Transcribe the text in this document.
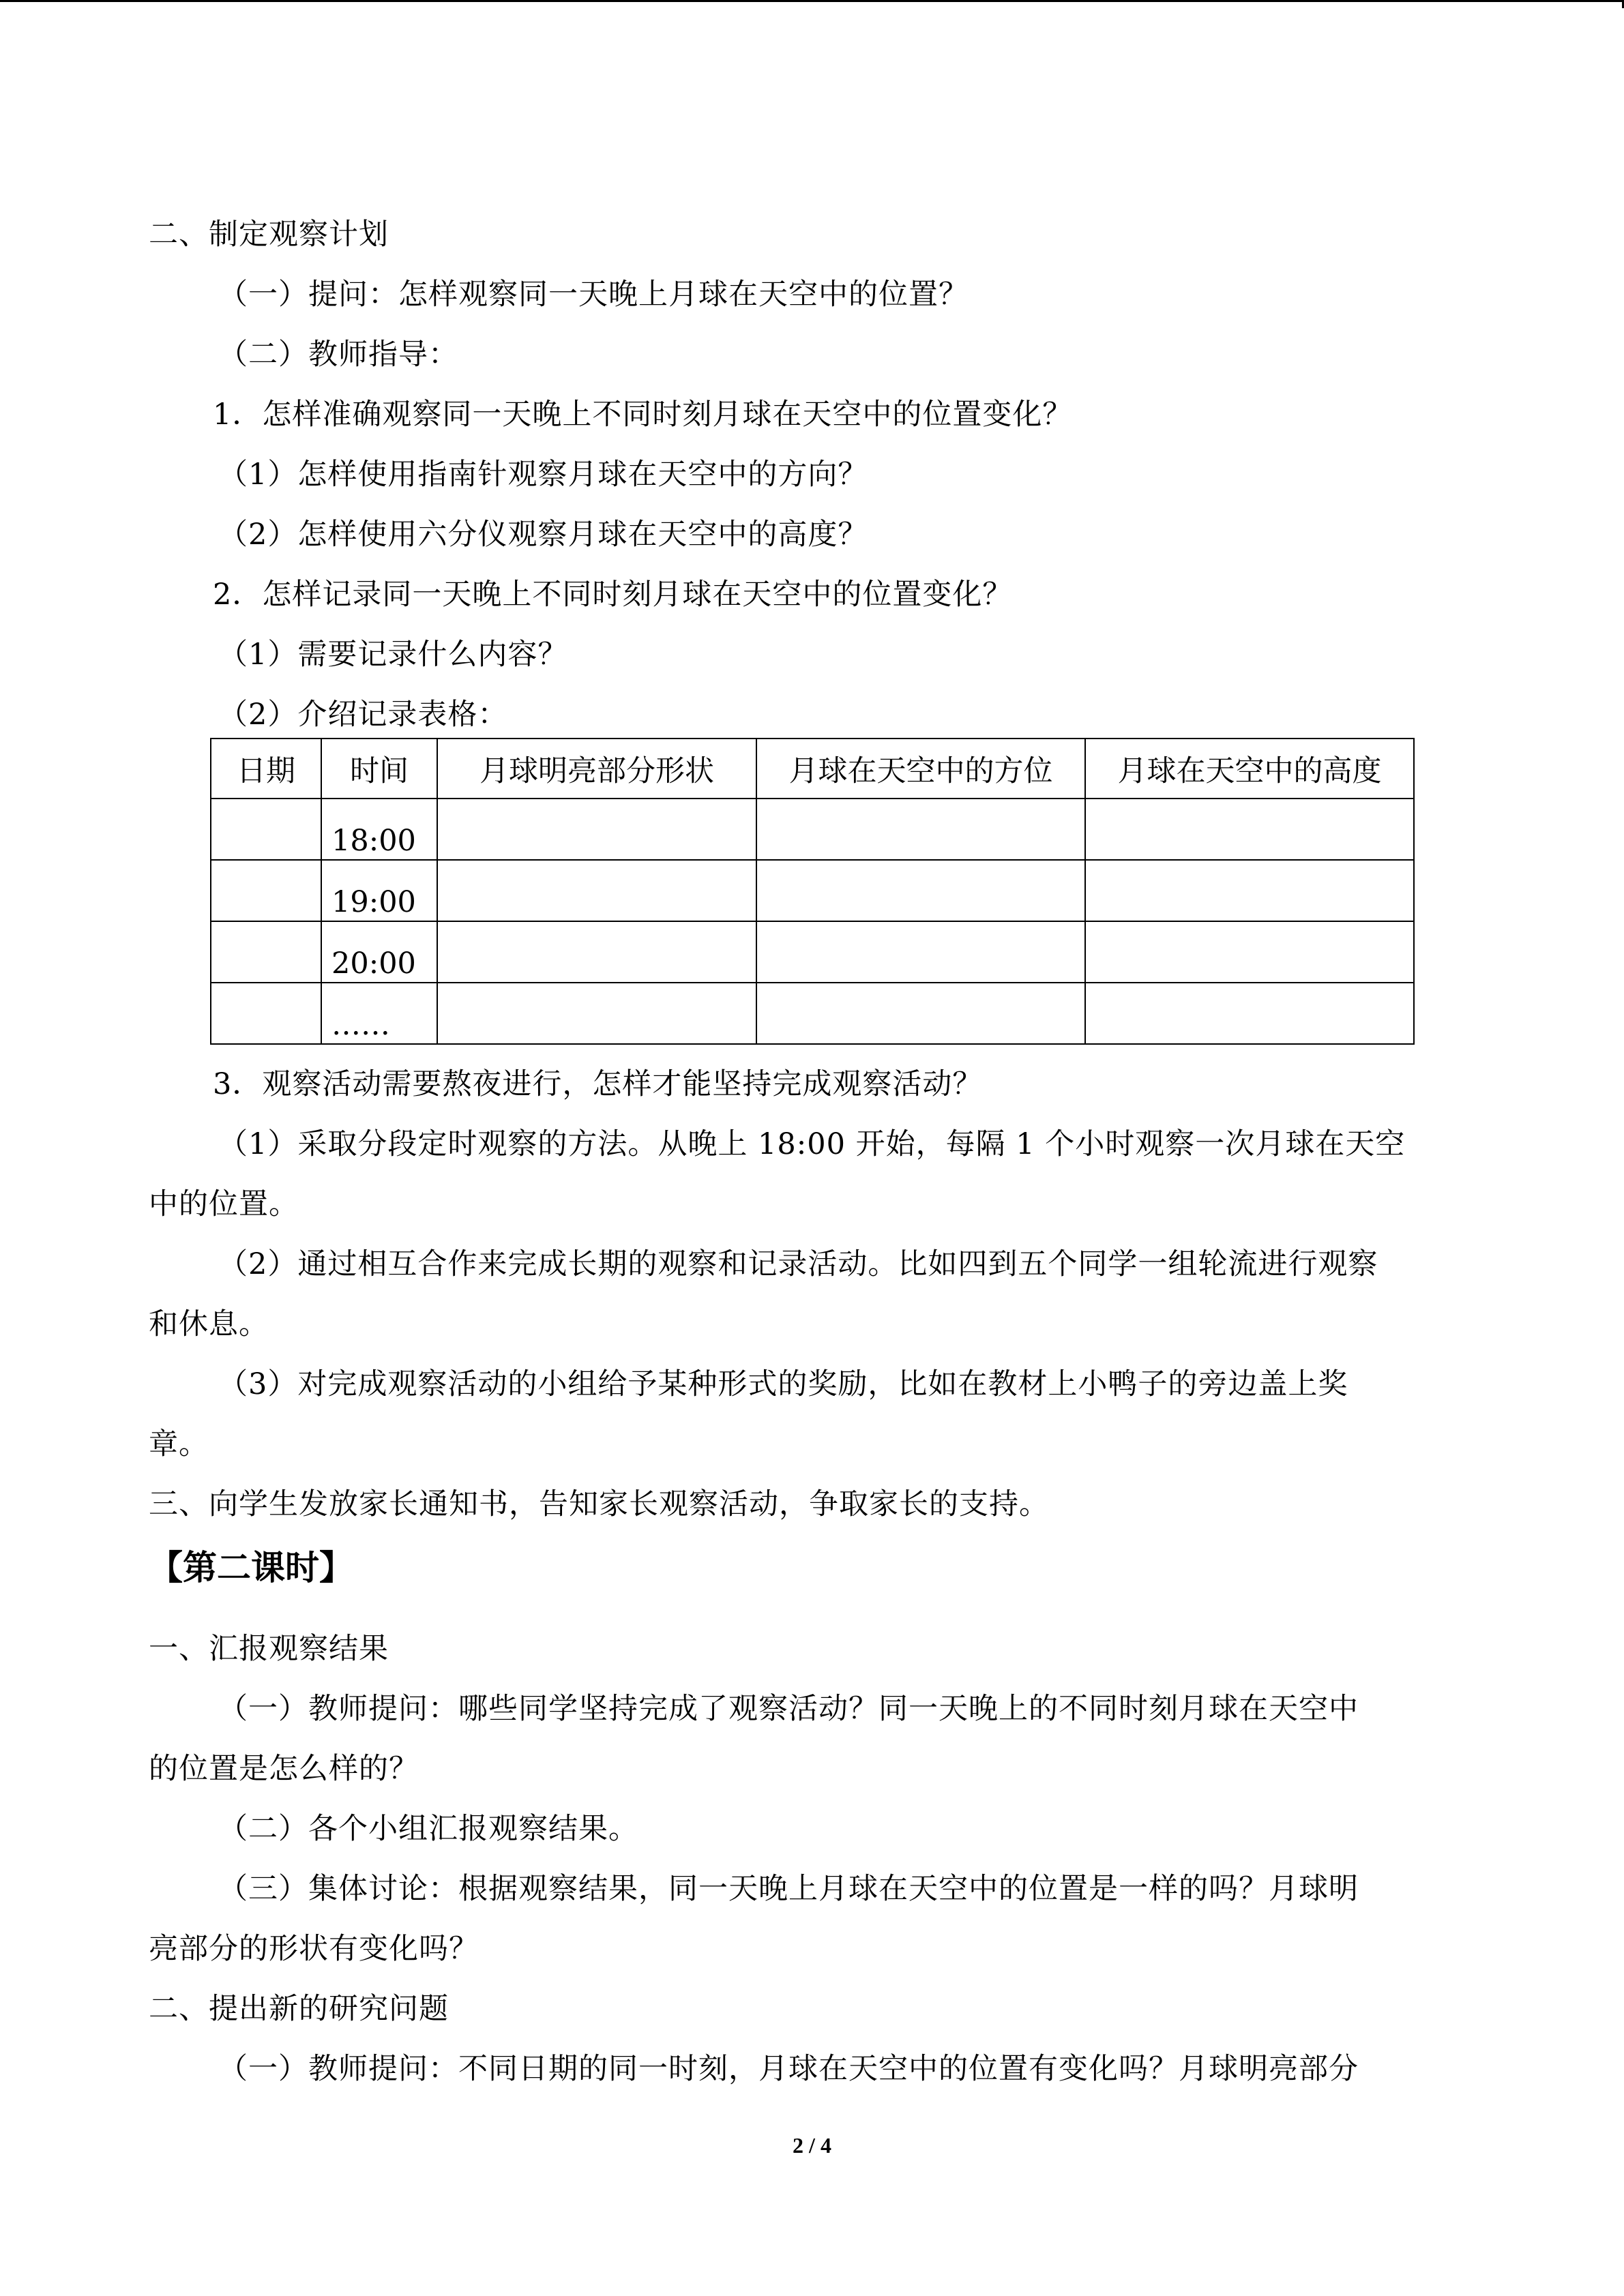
二、制定观察计划
（一）提问：怎样观察同一天晚上月球在天空中的位置？
（二）教师指导：
1．怎样准确观察同一天晚上不同时刻月球在天空中的位置变化？
（1）怎样使用指南针观察月球在天空中的方向？
（2）怎样使用六分仪观察月球在天空中的高度？
2．怎样记录同一天晚上不同时刻月球在天空中的位置变化？
（1）需要记录什么内容？
（2）介绍记录表格：
日期	时间	月球明亮部分形状	月球在天空中的方位	月球在天空中的高度
	18:00			
	19:00			
	20:00			
	……			
3．观察活动需要熬夜进行，怎样才能坚持完成观察活动？
（1）采取分段定时观察的方法。从晚上 18:00 开始，每隔 1 个小时观察一次月球在天空
中的位置。
（2）通过相互合作来完成长期的观察和记录活动。比如四到五个同学一组轮流进行观察
和休息。
（3）对完成观察活动的小组给予某种形式的奖励，比如在教材上小鸭子的旁边盖上奖
章。
三、向学生发放家长通知书，告知家长观察活动，争取家长的支持。
【第二课时】
一、汇报观察结果
（一）教师提问：哪些同学坚持完成了观察活动？同一天晚上的不同时刻月球在天空中
的位置是怎么样的？
（二）各个小组汇报观察结果。
（三）集体讨论：根据观察结果，同一天晚上月球在天空中的位置是一样的吗？月球明
亮部分的形状有变化吗？
二、提出新的研究问题
（一）教师提问：不同日期的同一时刻，月球在天空中的位置有变化吗？月球明亮部分
2 / 4
